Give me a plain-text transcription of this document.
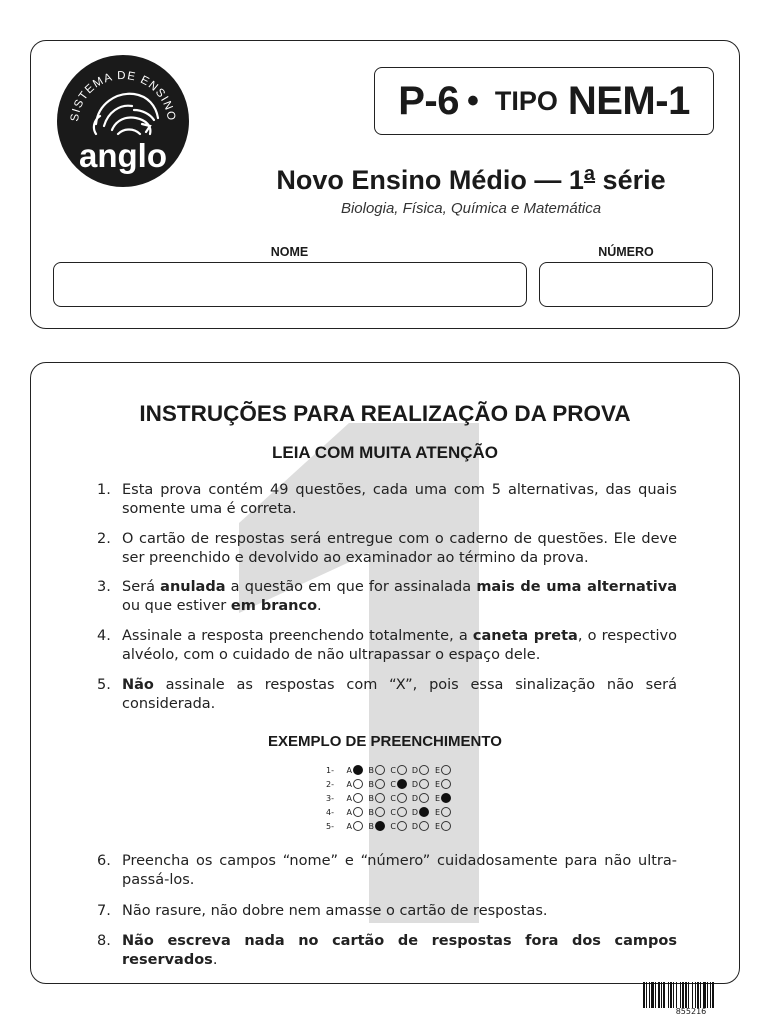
SISTEMA DE ENSINO
anglo
P-6 • TIPO NEM-1
Novo Ensino Médio — 1$^a$ série
Biologia, Física, Química e Matemática
NOME	NÚMERO
INSTRUÇÕES PARA REALIZAÇÃO DA PROVA
LEIA COM MUITA ATENÇÃO
1. Esta prova contém 49 questões, cada uma com 5 alternativas, das quais somente uma é correta.
2. O cartão de respostas será entregue com o caderno de questões. Ele deve ser preenchido e devolvido ao examinador ao término da prova.
3. Será anulada a questão em que for assinalada mais de uma alternativa ou que estiver em branco.
4. Assinale a resposta preenchendo totalmente, a caneta preta, o respectivo alvéolo, com o cuidado de não ultrapassar o espaço dele.
5. Não assinale as respostas com “X”, pois essa sinalização não será considerada.
EXEMPLO DE PREENCHIMENTO
1-	A	B	C D	E
2-	A	B	C D	E
3-	A	B	C D	E
4-	A	B	C D	E
5-	A	B	C D	E
6. Preencha os campos “nome” e “número” cuidadosamente para não ultra-passá-los.
7. Não rasure, não dobre nem amasse o cartão de respostas.
8. Não escreva nada no cartão de respostas fora dos campos reservados.
855216
